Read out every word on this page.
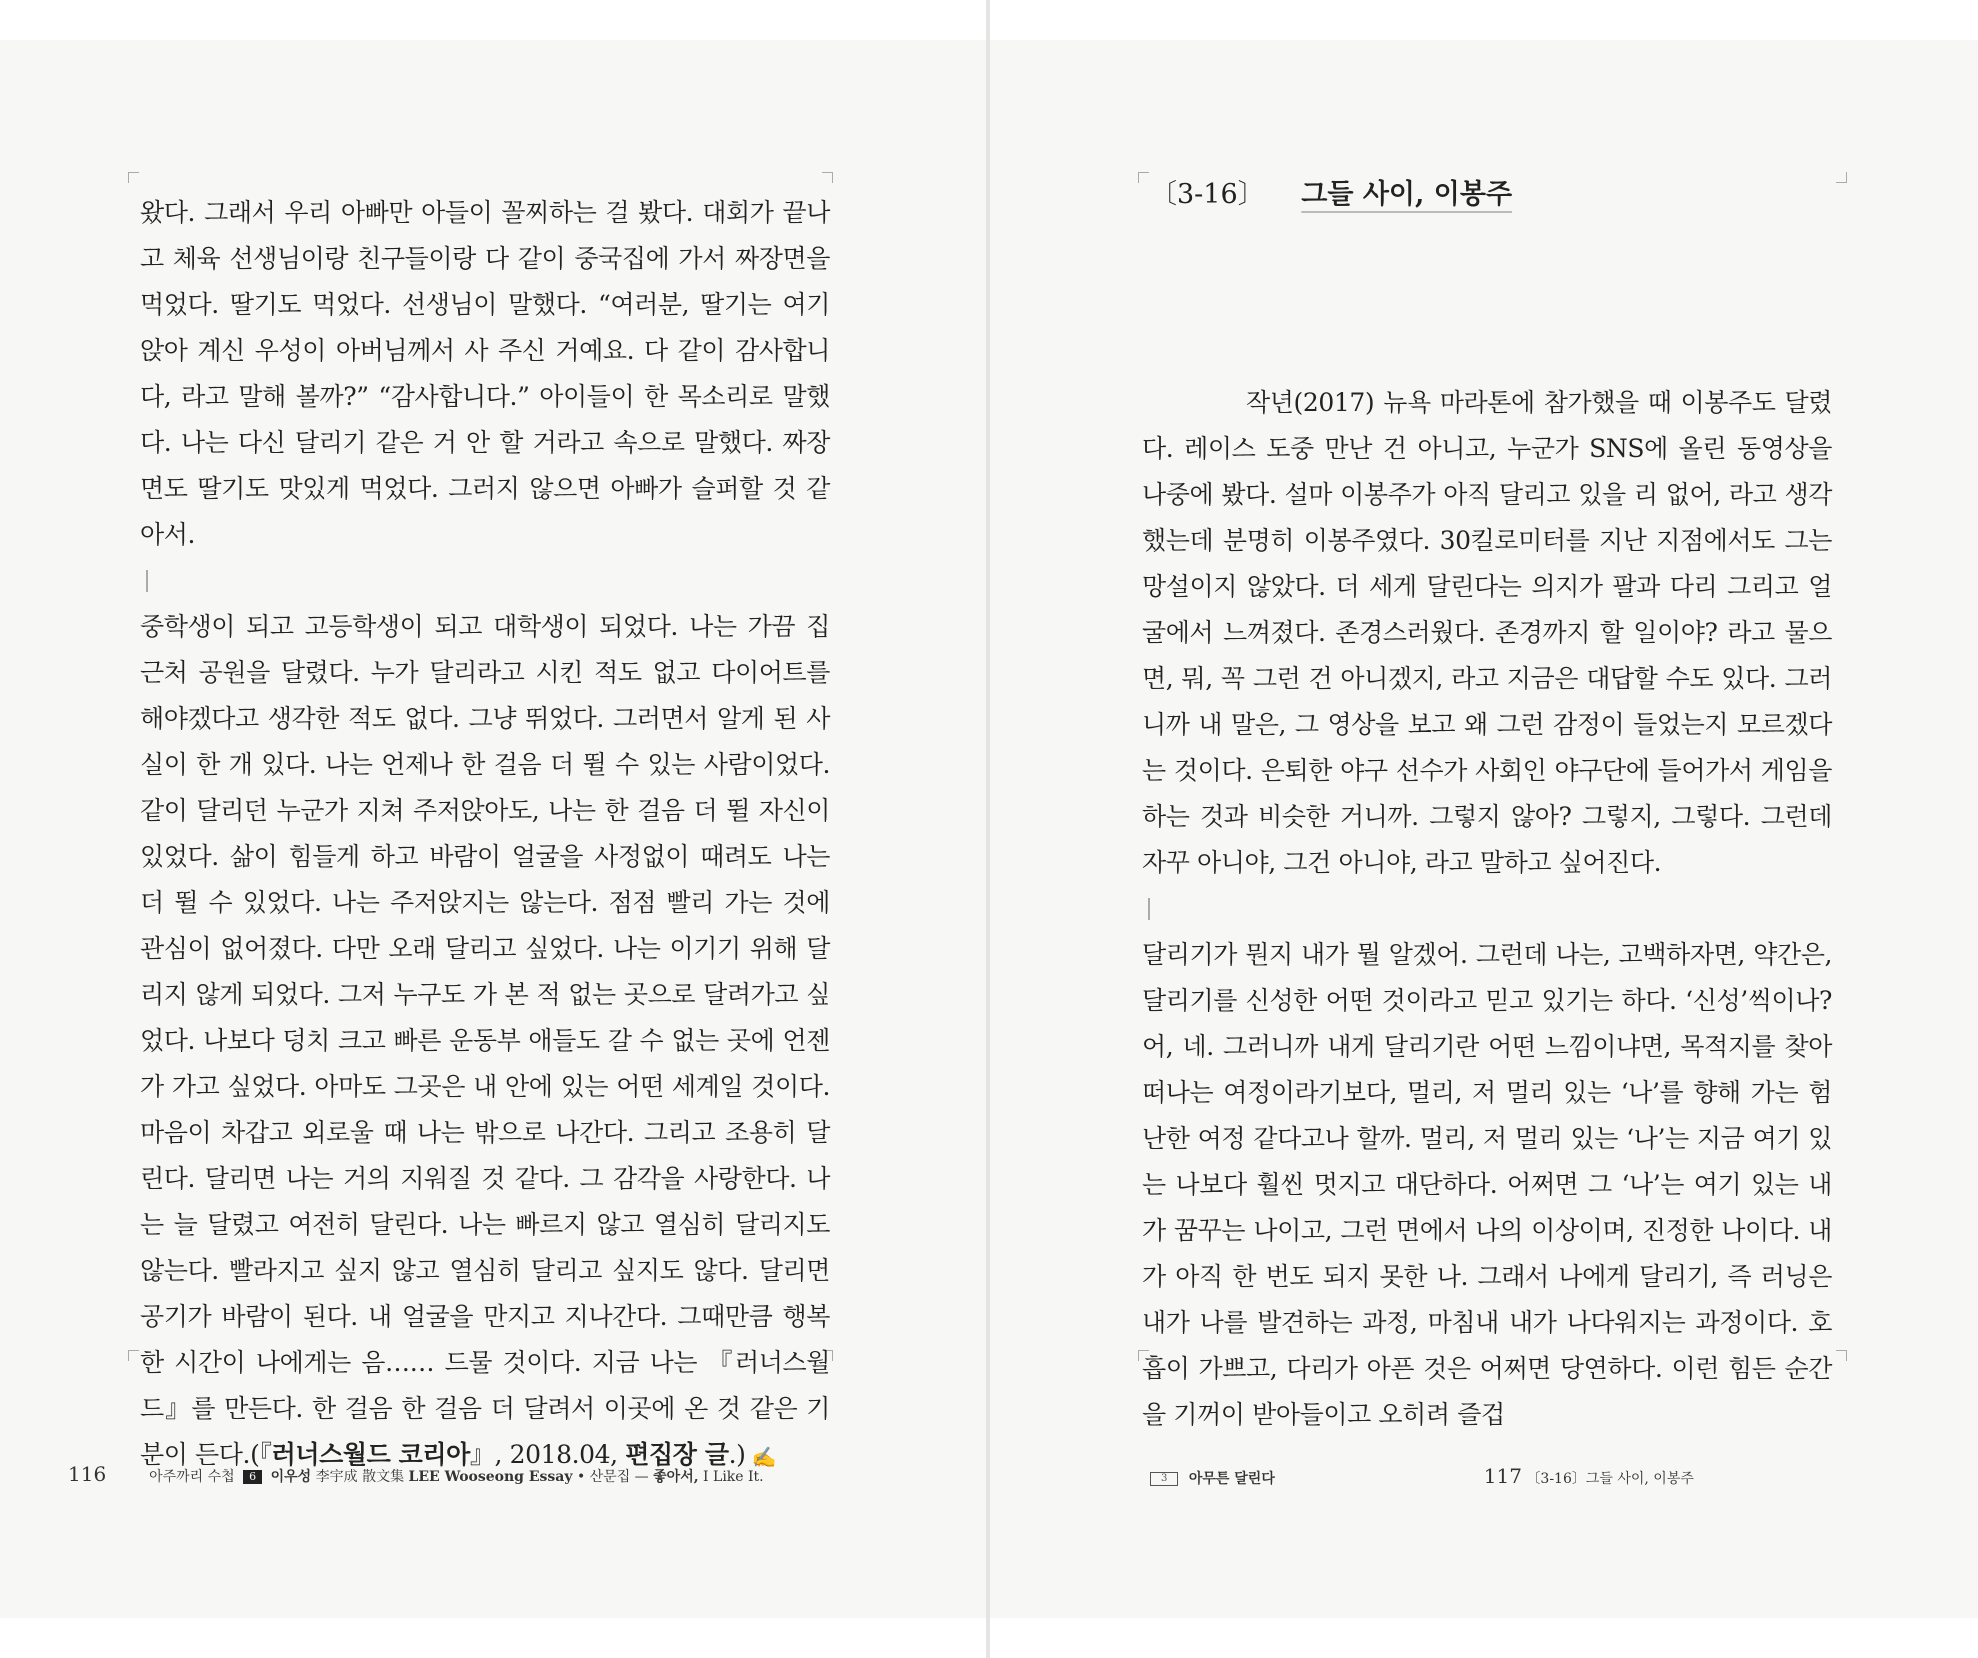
왔다. 그래서 우리 아빠만 아들이 꼴찌하는 걸 봤다. 대회가 끝나고 체육 선생님이랑 친구들이랑 다 같이 중국집에 가서 짜장면을 먹었다. 딸기도 먹었다. 선생님이 말했다. “여러분, 딸기는 여기 앉아 계신 우성이 아버님께서 사 주신 거예요. 다 같이 감사합니다, 라고 말해 볼까?” “감사합니다.” 아이들이 한 목소리로 말했다. 나는 다신 달리기 같은 거 안 할 거라고 속으로 말했다. 짜장면도 딸기도 맛있게 먹었다. 그러지 않으면 아빠가 슬퍼할 것 같아서.

중학생이 되고 고등학생이 되고 대학생이 되었다. 나는 가끔 집 근처 공원을 달렸다. 누가 달리라고 시킨 적도 없고 다이어트를 해야겠다고 생각한 적도 없다. 그냥 뛰었다. 그러면서 알게 된 사실이 한 개 있다. 나는 언제나 한 걸음 더 뛸 수 있는 사람이었다. 같이 달리던 누군가 지쳐 주저앉아도, 나는 한 걸음 더 뛸 자신이 있었다. 삶이 힘들게 하고 바람이 얼굴을 사정없이 때려도 나는 더 뛸 수 있었다. 나는 주저앉지는 않는다. 점점 빨리 가는 것에 관심이 없어졌다. 다만 오래 달리고 싶었다. 나는 이기기 위해 달리지 않게 되었다. 그저 누구도 가 본 적 없는 곳으로 달려가고 싶었다. 나보다 덩치 크고 빠른 운동부 애들도 갈 수 없는 곳에 언젠가 가고 싶었다. 아마도 그곳은 내 안에 있는 어떤 세계일 것이다. 마음이 차갑고 외로울 때 나는 밖으로 나간다. 그리고 조용히 달린다. 달리면 나는 거의 지워질 것 같다. 그 감각을 사랑한다. 나는 늘 달렸고 여전히 달린다. 나는 빠르지 않고 열심히 달리지도 않는다. 빨라지고 싶지 않고 열심히 달리고 싶지도 않다. 달리면 공기가 바람이 된다. 내 얼굴을 만지고 지나간다. 그때만큼 행복한 시간이 나에게는 음…… 드물 것이다. 지금 나는 『러너스월드』를 만든다. 한 걸음 한 걸음 더 달려서 이곳에 온 것 같은 기분이 든다.(『러너스월드 코리아』, 2018.04, 편집장 글.) ✍

116	아주까리 수첩 6 이우성 李宇成 散文集 LEE Wooseong Essay • 산문집 — 좋아서, I Like It.

작년(2017) 뉴욕 마라톤에 참가했을 때 이봉주도 달렸다. 레이스 도중 만난 건 아니고, 누군가 SNS에 올린 동영상을 나중에 봤다. 설마 이봉주가 아직 달리고 있을 리 없어, 라고 생각했는데 분명히 이봉주였다. 30킬로미터를 지난 지점에서도 그는 망설이지 않았다. 더 세게 달린다는 의지가 팔과 다리 그리고 얼굴에서 느껴졌다. 존경스러웠다. 존경까지 할 일이야? 라고 물으면, 뭐, 꼭 그런 건 아니겠지, 라고 지금은 대답할 수도 있다. 그러니까 내 말은, 그 영상을 보고 왜 그런 감정이 들었는지 모르겠다는 것이다. 은퇴한 야구 선수가 사회인 야구단에 들어가서 게임을 하는 것과 비슷한 거니까. 그렇지 않아? 그렇지, 그렇다. 그런데 자꾸 아니야, 그건 아니야, 라고 말하고 싶어진다.

달리기가 뭔지 내가 뭘 알겠어. 그런데 나는, 고백하자면, 약간은, 달리기를 신성한 어떤 것이라고 믿고 있기는 하다. ‘신성’씩이나? 어, 네. 그러니까 내게 달리기란 어떤 느낌이냐면, 목적지를 찾아 떠나는 여정이라기보다, 멀리, 저 멀리 있는 ‘나’를 향해 가는 험난한 여정 같다고나 할까. 멀리, 저 멀리 있는 ‘나’는 지금 여기 있는 나보다 훨씬 멋지고 대단하다. 어쩌면 그 ‘나’는 여기 있는 내가 꿈꾸는 나이고, 그런 면에서 나의 이상이며, 진정한 나이다. 내가 아직 한 번도 되지 못한 나. 그래서 나에게 달리기, 즉 러닝은 내가 나를 발견하는 과정, 마침내 내가 나다워지는 과정이다. 호흡이 가쁘고, 다리가 아픈 것은 어쩌면 당연하다. 이런 힘든 순간을 기꺼이 받아들이고 오히려 즐겁

3 아무튼 달린다	117 〔3-16〕그들 사이, 이봉주
〔3-16〕 그들 사이, 이봉주
